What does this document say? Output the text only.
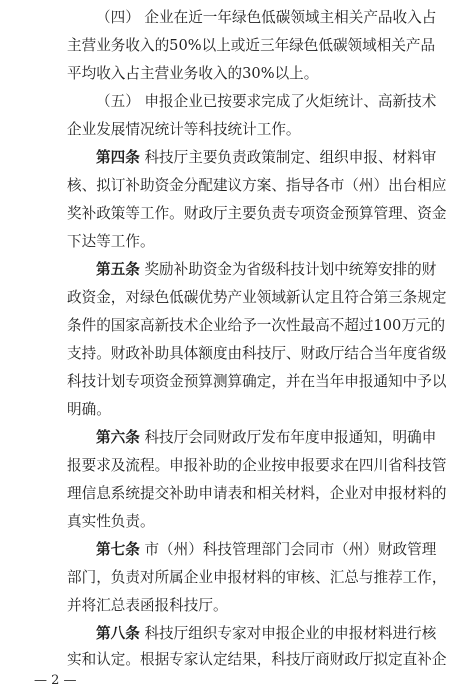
（四） 企业在近一年绿色低碳领域主相关产品收入占
主营业务收入的50%以上或近三年绿色低碳领域相关产品
平均收入占主营业务收入的30%以上。
（五） 申报企业已按要求完成了火炬统计、高新技术
企业发展情况统计等科技统计工作。
第四条 科技厅主要负责政策制定、组织申报、材料审
核、拟订补助资金分配建议方案、指导各市（州）出台相应
奖补政策等工作。财政厅主要负责专项资金预算管理、资金
下达等工作。
第五条 奖励补助资金为省级科技计划中统筹安排的财
政资金，对绿色低碳优势产业领域新认定且符合第三条规定
条件的国家高新技术企业给予一次性最高不超过100万元的
支持。财政补助具体额度由科技厅、财政厅结合当年度省级
科技计划专项资金预算测算确定，并在当年申报通知中予以
明确。
第六条 科技厅会同财政厅发布年度申报通知，明确申
报要求及流程。申报补助的企业按申报要求在四川省科技管
理信息系统提交补助申请表和相关材料，企业对申报材料的
真实性负责。
第七条 市（州）科技管理部门会同市（州）财政管理
部门，负责对所属企业申报材料的审核、汇总与推荐工作，
并将汇总表函报科技厅。
第八条 科技厅组织专家对申报企业的申报材料进行核
实和认定。根据专家认定结果，科技厅商财政厅拟定直补企
— 2 —
